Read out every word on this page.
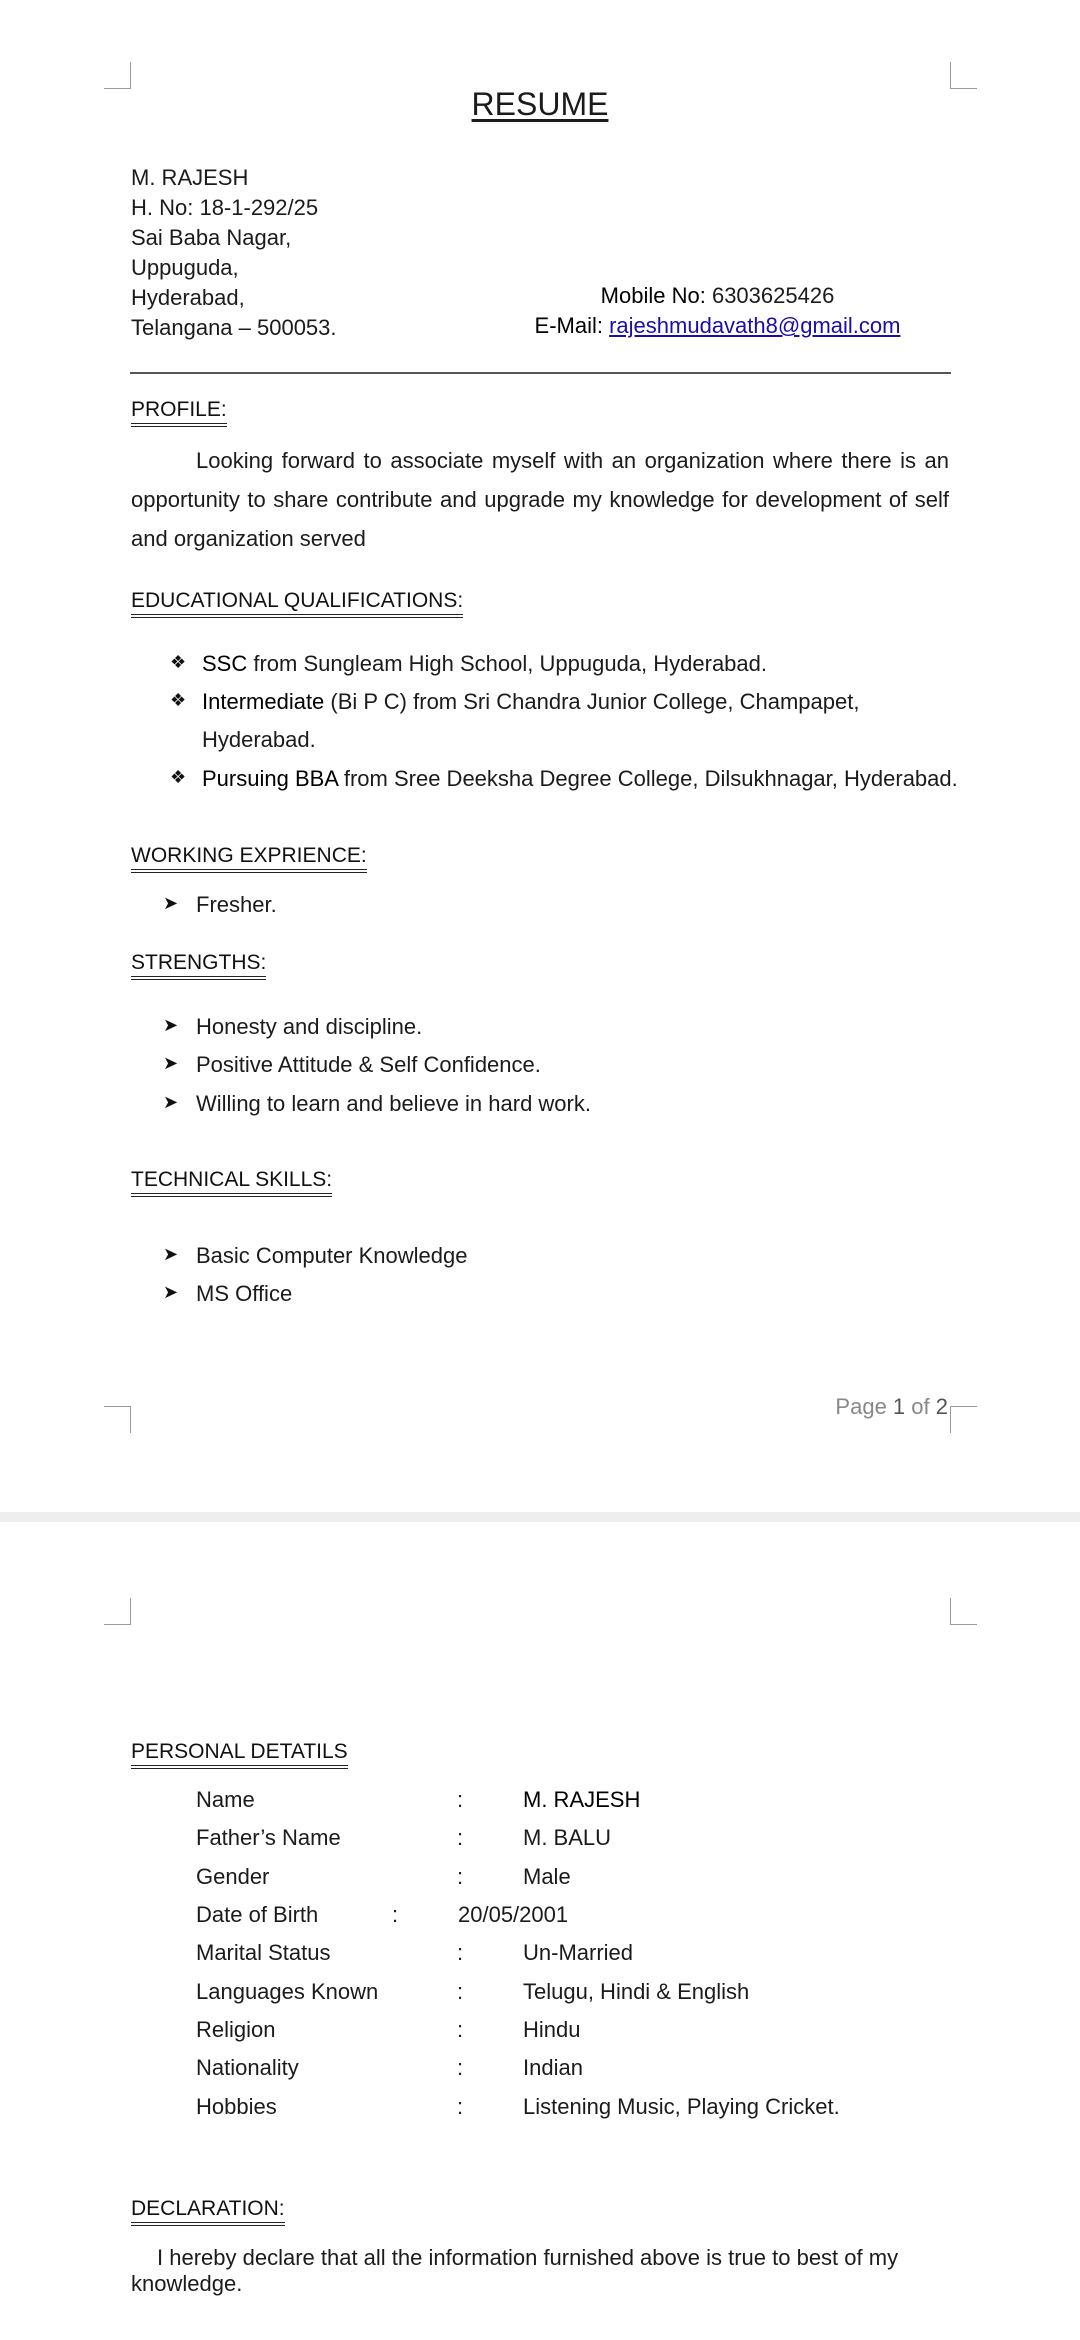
RESUME
M. RAJESH
H. No: 18-1-292/25
Sai Baba Nagar,
Uppuguda,
Hyderabad,
Telangana – 500053.
Mobile No: 6303625426
E-Mail: rajeshmudavath8@gmail.com
PROFILE:
Looking forward to associate myself with an organization where there is an opportunity to share contribute and upgrade my knowledge for development of self and organization served
EDUCATIONAL QUALIFICATIONS:
❖ SSC from Sungleam High School, Uppuguda, Hyderabad.
❖ Intermediate (Bi P C) from Sri Chandra Junior College, Champapet,
Hyderabad.
❖ Pursuing BBA from Sree Deeksha Degree College, Dilsukhnagar, Hyderabad.
WORKING EXPRIENCE:
➤ Fresher.
STRENGTHS:
➤ Honesty and discipline.
➤ Positive Attitude & Self Confidence.
➤ Willing to learn and believe in hard work.
TECHNICAL SKILLS:
➤ Basic Computer Knowledge
➤ MS Office
Page 1 of 2
PERSONAL DETATILS
Name	:	M. RAJESH
Father’s Name	:	M. BALU
Gender	:	Male
Date of Birth	:	20/05/2001
Marital Status	:	Un-Married
Languages Known	:	Telugu, Hindi & English
Religion	:	Hindu
Nationality	:	Indian
Hobbies	:	Listening Music, Playing Cricket.
DECLARATION:
I hereby declare that all the information furnished above is true to best of my
knowledge.
